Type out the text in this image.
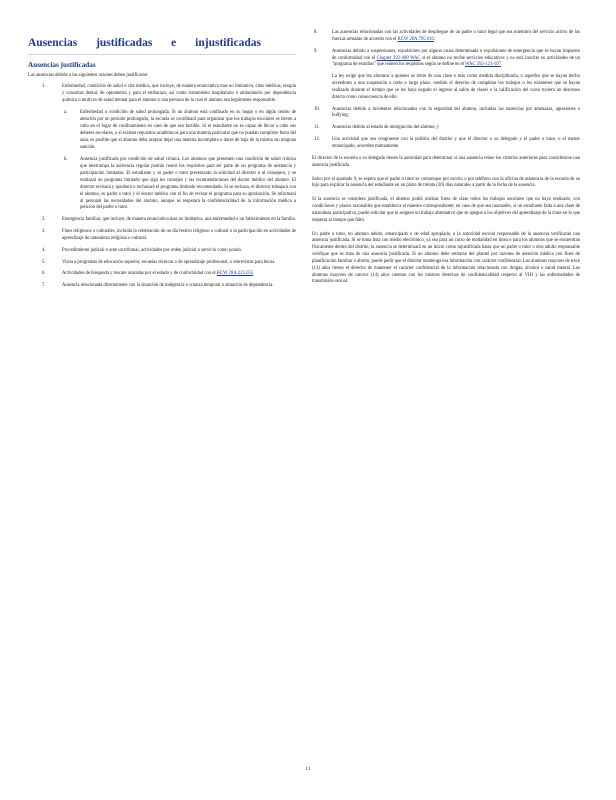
Ausencias justificadas e injustificadas
Ausencias justificadas

Las ausencias debido a las siguientes razones deben justificarse:

1.	Enfermedad, condición de salud o cita médica, que incluye, de manera enunciativa mas no limitativa, citas médicas, terapia y consultas dental, de optometría y para el embarazo, así como tratamiento hospitalario o ambulatorio por dependencia química o motivos de salud mental para el alumno o una persona de la cual el alumno sea legalmente responsable.
a.	Enfermedad o condición de salud prolongada. Si un alumno está confinado en su hogar o en algún centro de atención por un periodo prolongado, la escuela se coordinará para organizar que los trabajos escolares se lleven a cabo en el lugar de confinamiento en caso de que sea factible. Si el estudiante no es capaz de llevar a cabo sus deberes escolares, o si existen requisitos académicos para una materia particular que no puedan cumplirse fuera del aula, es posible que el alumno deba aceptar dejar una materia incompleta o darse de baja de la misma sin ninguna sanción.
b.	Ausencia justificada por condición de salud crónica. Los alumnos que presenten una condición de salud crónica que interrumpa la asistencia regular podrán reunir los requisitos para ser parte de un programa de asistencia y participación limitadas. El estudiante y su padre o tutor presentarán la solicitud al director o al consejero, y se realizará un programa limitado que siga los consejos y las recomendaciones del doctor médico del alumno. El director revisará y aprobará o rechazará el programa limitado recomendado. Si se rechaza, el director trabajará con el alumno, su padre o tutor y el doctor médico con el fin de revisar el programa para su aprobación. Se informará al personal las necesidades del alumno, aunque se respetará la confidencialidad de la información médica a petición del padre o tutor.
2.	Emergencia familiar, que incluye, de manera enunciativa mas no limitativa, una enfermedad o un fallecimiento en la familia.
3.	Fines religiosos o culturales, incluida la celebración de un día festivo religioso o cultural o la participación en actividades de aprendizaje de naturaleza religiosa o cultural.
4.	Procedimiento judicial o ante un tribunal, actividades por orden judicial o servicio como jurado.
5.	Visita a programas de educación superior, escuelas técnicas o de aprendizaje profesional, o entrevistas para becas.
6.	Actividades de búsqueda y rescate avaladas por el estado y de conformidad con el RCW 28A.225.055.
7.	Ausencia relacionada directamente con la situación de indigencia o crianza temporal o situación de dependencia.
8.	Las ausencias relacionadas con las actividades de despliegue de un padre o tutor legal que sea miembro del servicio activo de las fuerzas armadas de acuerdo con el RCW 28A.705.010.
9.	Ausencias debido a suspensiones, expulsiones por alguna causa determinada o expulsiones de emergencia que se hayan impuesto de conformidad con el Chapter 392-400 WAC si el alumno no recibe servicios educativos y no está inscrito en actividades de un "programa de estudios" que reúnen los requisitos según se define en el WAC 392-121-107.
La ley exige que los alumnos a quienes se retire de una clase o más como medida disciplinaria, o aquellos que se hayan hecho acreedores a una suspensión a corto o largo plazo, tendrán el derecho de completar los trabajos o los exámenes que se hayan realizado durante el tiempo que se les haya negado el ingreso al salón de clases o la calificación del curso tuviera un descenso directo como consecuencia de ello.
10.	Ausencias debido a incidentes relacionados con la seguridad del alumno, incluidas las ausencias por amenazas, agresiones o bullying;
11.	Ausencias debido al estado de inmigración del alumno; y
12.	Una actividad que sea congruente con la política del distrito y que el director o su delegado y el padre o tutor, o el menor emancipado, acuerden mutuamente.

El director de la escuela o su delegado tienen la autoridad para determinar si una ausencia reúne los criterios anteriores para considerarse una ausencia justificada.

Salvo por el apartado 9, se espera que el padre o tutor se comunique por escrito o por teléfono con la oficina de asistencia de la escuela de su hijo para explicar la ausencia del estudiante en un plazo de treinta (30) días naturales a partir de la fecha de la ausencia.

Si la ausencia se considera justificada, el alumno podrá realizar fuera de clase todos los trabajos escolares que no haya realizado, con condiciones y plazos razonables que establezca el maestro correspondiente; en caso de que sea razonable, si un estudiante falta a una clase de naturaleza participativa, puede solicitar que le asignen un trabajo alternativo que se apegue a los objetivos del aprendizaje de la clase en lo que respecta al tiempo que faltó.

Un padre o tutor, un alumno adulto, emancipado o de edad apropiada, o la autoridad escolar responsable de la ausencia verificarán una ausencia justificada. Si se toma lista con medio electrónico, ya sea para un curso de modalidad en línea o para los alumnos que se encuentran físicamente dentro del distrito, la ausencia se determinará en un inicio como injustificada hasta que un padre o tutor o otro adulto responsable verifique que se trata de una ausencia justificada. Si un alumno debe retirarse del plantel por razones de atención médica con fines de planificación familiar o aborto, puede pedir que el director mantenga esa información con carácter confidencial. Los alumnos mayores de trece (13) años tienen el derecho de mantener el carácter confidencial de la información relacionada con drogas, alcohol o salud mental. Los alumnos mayores de catorce (14) años cuentan con los mismos derechos de confidencialidad respecto al VIH y las enfermedades de transmisión sexual.

11
